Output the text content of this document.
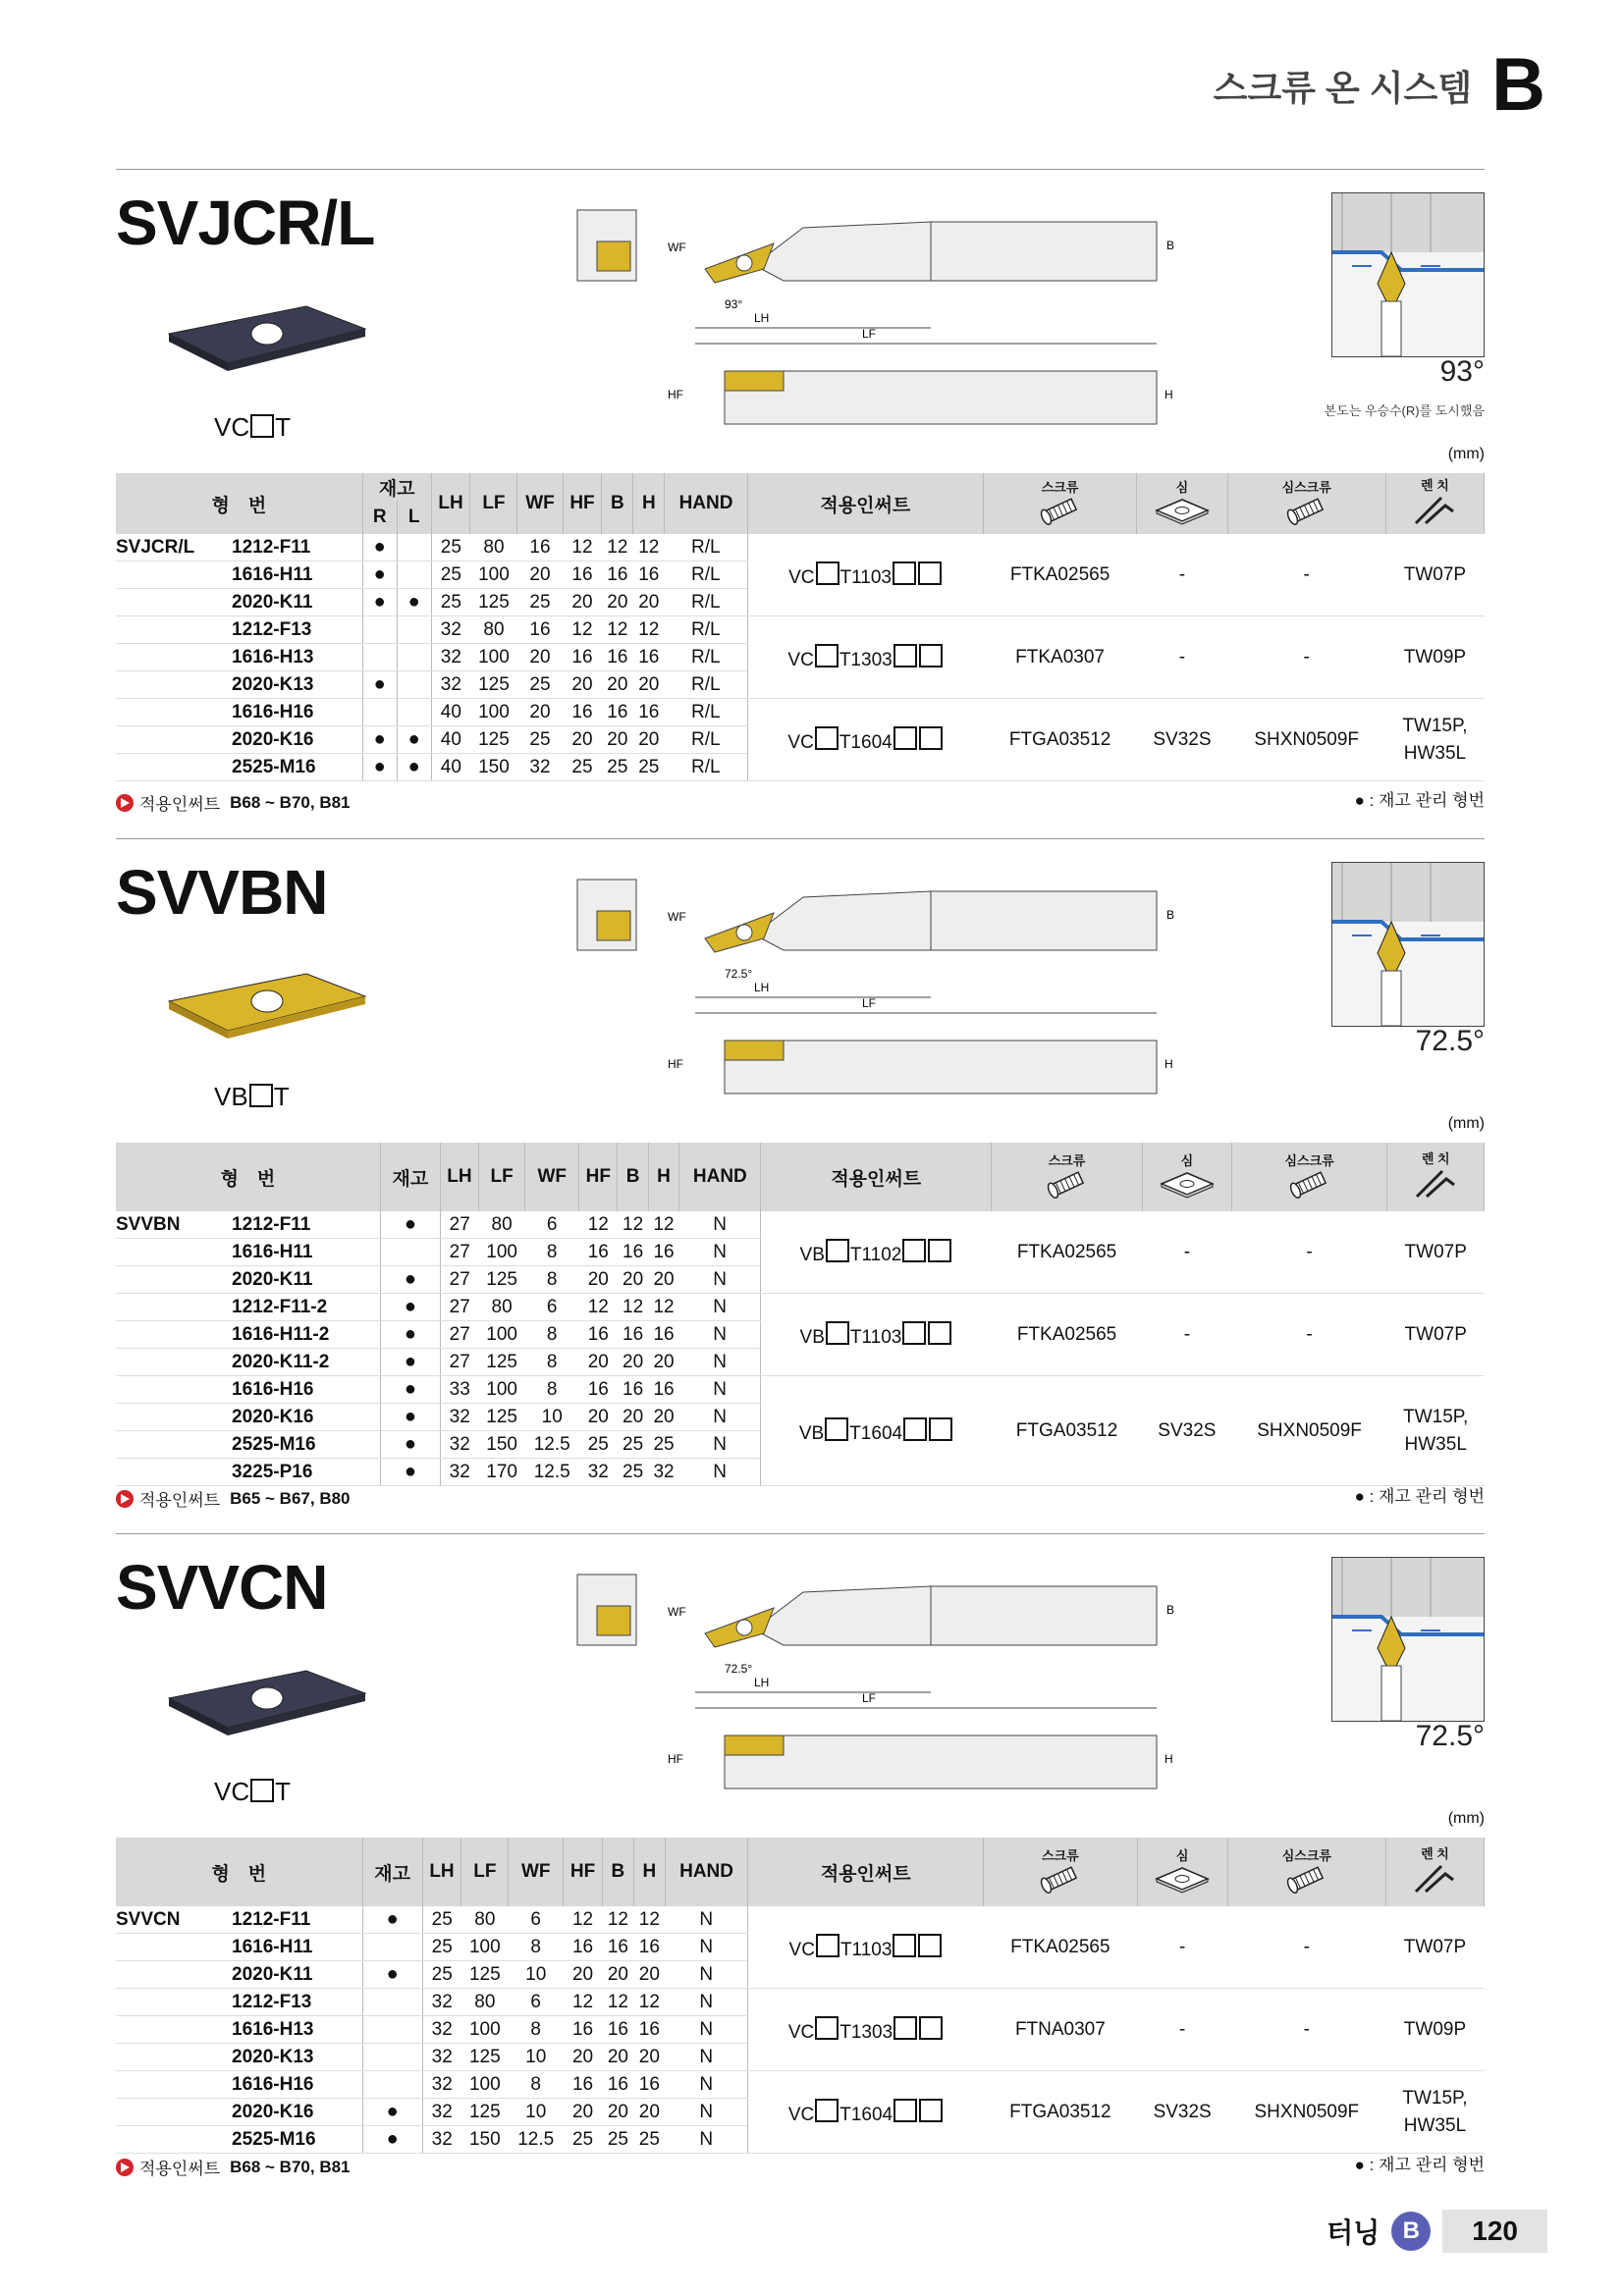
스크류 온 시스템 B
SVJCR/L
VC T
WF	B
93°
LH
LF
HF	H
93°
본도는 우승수(R)를 도시했음
(mm)
형　번		재고		LH	LF	WF	HF	B	H	HAND	적용인써트	스크류	심	심스크류	렌 치

		R	L												
SVJCR/L	1212-F11	●		25	80	16	12	12	12	R/L	VC T1103	FTKA02565	-	-	TW07P
	1616-H11	●		25	100	20	16	16	16	R/L					
	2020-K11	●	●	25	125	25	20	20	20	R/L					
	1212-F13			32	80	16	12	12	12	R/L	VC T1303	FTKA0307	-	-	TW09P
	1616-H13			32	100	20	16	16	16	R/L					
	2020-K13	●		32	125	25	20	20	20	R/L					
	1616-H16			40	100	20	16	16	16	R/L	VC T1604	FTGA03512	SV32S	SHXN0509F	TW15P,
HW35L
	2020-K16	●	●	40	125	25	20	20	20	R/L					
	2525-M16	●	●	40	150	32	25	25	25	R/L					
적용인써트 B68 ~ B70, B81	● : 재고 관리 형번
SVVBN
VB T
WF	B
72.5°
LH
LF
HF	H
72.5°
(mm)
형　번		재고	LH	LF	WF	HF	B	H	HAND	적용인써트	스크류	심	심스크류	렌 치

SVVBN	1212-F11	●	27	80	6	12	12	12	N	VB T1102	FTKA02565	-	-	TW07P
	1616-H11		27	100	8	16	16	16	N					
	2020-K11	●	27	125	8	20	20	20	N					
	1212-F11-2	●	27	80	6	12	12	12	N	VB T1103	FTKA02565	-	-	TW07P
	1616-H11-2	●	27	100	8	16	16	16	N					
	2020-K11-2	●	27	125	8	20	20	20	N					
	1616-H16	●	33	100	8	16	16	16	N	VB T1604	FTGA03512	SV32S	SHXN0509F	TW15P,
HW35L
	2020-K16	●	32	125	10	20	20	20	N					
	2525-M16	●	32	150	12.5	25	25	25	N					
	3225-P16	●	32	170	12.5	32	25	32	N					
적용인써트 B65 ~ B67, B80	● : 재고 관리 형번
SVVCN
VC T
WF	B
72.5°
LH
LF
HF	H
72.5°
(mm)
형　번		재고	LH	LF	WF	HF	B	H	HAND	적용인써트	스크류	심	심스크류	렌 치

SVVCN	1212-F11	●	25	80	6	12	12	12	N	VC T1103	FTKA02565	-	-	TW07P
	1616-H11		25	100	8	16	16	16	N					
	2020-K11	●	25	125	10	20	20	20	N					
	1212-F13		32	80	6	12	12	12	N	VC T1303	FTNA0307	-	-	TW09P
	1616-H13		32	100	8	16	16	16	N					
	2020-K13		32	125	10	20	20	20	N					
	1616-H16		32	100	8	16	16	16	N	VC T1604	FTGA03512	SV32S	SHXN0509F	TW15P,
HW35L
	2020-K16	●	32	125	10	20	20	20	N					
	2525-M16	●	32	150	12.5	25	25	25	N					
적용인써트 B68 ~ B70, B81	● : 재고 관리 형번
터닝 B	120
